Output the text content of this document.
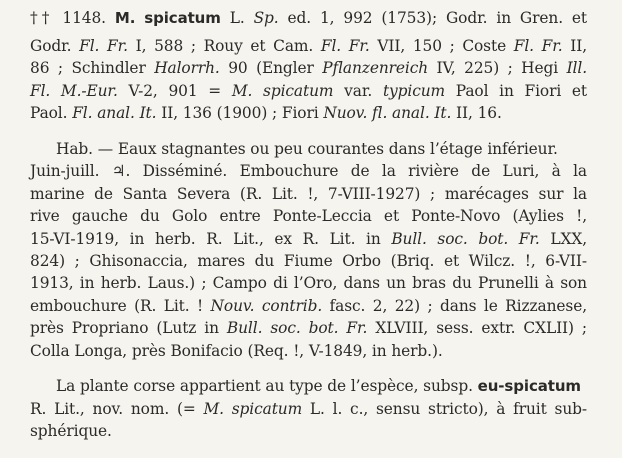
†† 1148. M. spicatum L. Sp. ed. 1, 992 (1753); Godr. in Gren. et
Godr. Fl. Fr. I, 588 ; Rouy et Cam. Fl. Fr. VII, 150 ; Coste Fl. Fr. II,
86 ; Schindler Halorrh. 90 (Engler Pflanzenreich IV, 225) ; Hegi Ill.
Fl. M.-Eur. V-2, 901 = M. spicatum var. typicum Paol in Fiori et
Paol. Fl. anal. It. II, 136 (1900) ; Fiori Nuov. fl. anal. It. II, 16.
Hab. — Eaux stagnantes ou peu courantes dans l’étage inférieur.
Juin-juill. ♃. Disséminé. Embouchure de la rivière de Luri, à la
marine de Santa Severa (R. Lit. !, 7-VIII-1927) ; marécages sur la
rive gauche du Golo entre Ponte-Leccia et Ponte-Novo (Aylies !,
15-VI-1919, in herb. R. Lit., ex R. Lit. in Bull. soc. bot. Fr. LXX,
824) ; Ghisonaccia, mares du Fiume Orbo (Briq. et Wilcz. !, 6-VII-
1913, in herb. Laus.) ; Campo di l’Oro, dans un bras du Prunelli à son
embouchure (R. Lit. ! Nouv. contrib. fasc. 2, 22) ; dans le Rizzanese,
près Propriano (Lutz in Bull. soc. bot. Fr. XLVIII, sess. extr. CXLII) ;
Colla Longa, près Bonifacio (Req. !, V-1849, in herb.).
La plante corse appartient au type de l’espèce, subsp. eu-spicatum
R. Lit., nov. nom. (= M. spicatum L. l. c., sensu stricto), à fruit sub-
sphérique.
